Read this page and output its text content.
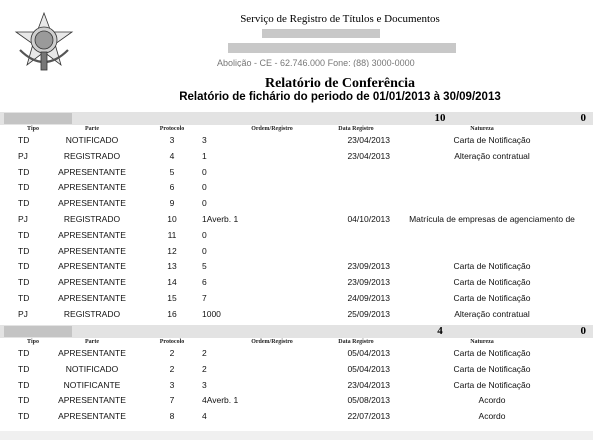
Serviço de Registro de Títulos e Documentos
Abolição - CE - 62.746.000 Fone: (88) 3000-0000
Relatório de Conferência
Relatório de fichário do periodo de 01/01/2013 à 30/09/2013
10	0
Tipo	Parte	Protocolo	Ordem/Registro	Data Registro	Natureza
TD	NOTIFICADO	3	3	23/04/2013	Carta de Notificação
PJ	REGISTRADO	4	1	23/04/2013	Alteração contratual
TD	APRESENTANTE	5	0
TD	APRESENTANTE	6	0
TD	APRESENTANTE	9	0
PJ	REGISTRADO	10	1Averb. 1	04/10/2013	Matrícula de empresas de agenciamento de
TD	APRESENTANTE	11	0
TD	APRESENTANTE	12	0
TD	APRESENTANTE	13	5	23/09/2013	Carta de Notificação
TD	APRESENTANTE	14	6	23/09/2013	Carta de Notificação
TD	APRESENTANTE	15	7	24/09/2013	Carta de Notificação
PJ	REGISTRADO	16	1000	25/09/2013	Alteração contratual
4	0
Tipo	Parte	Protocolo	Ordem/Registro	Data Registro	Natureza
TD	APRESENTANTE	2	2	05/04/2013	Carta de Notificação
TD	NOTIFICADO	2	2	05/04/2013	Carta de Notificação
TD	NOTIFICANTE	3	3	23/04/2013	Carta de Notificação
TD	APRESENTANTE	7	4Averb. 1	05/08/2013	Acordo
TD	APRESENTANTE	8	4	22/07/2013	Acordo
